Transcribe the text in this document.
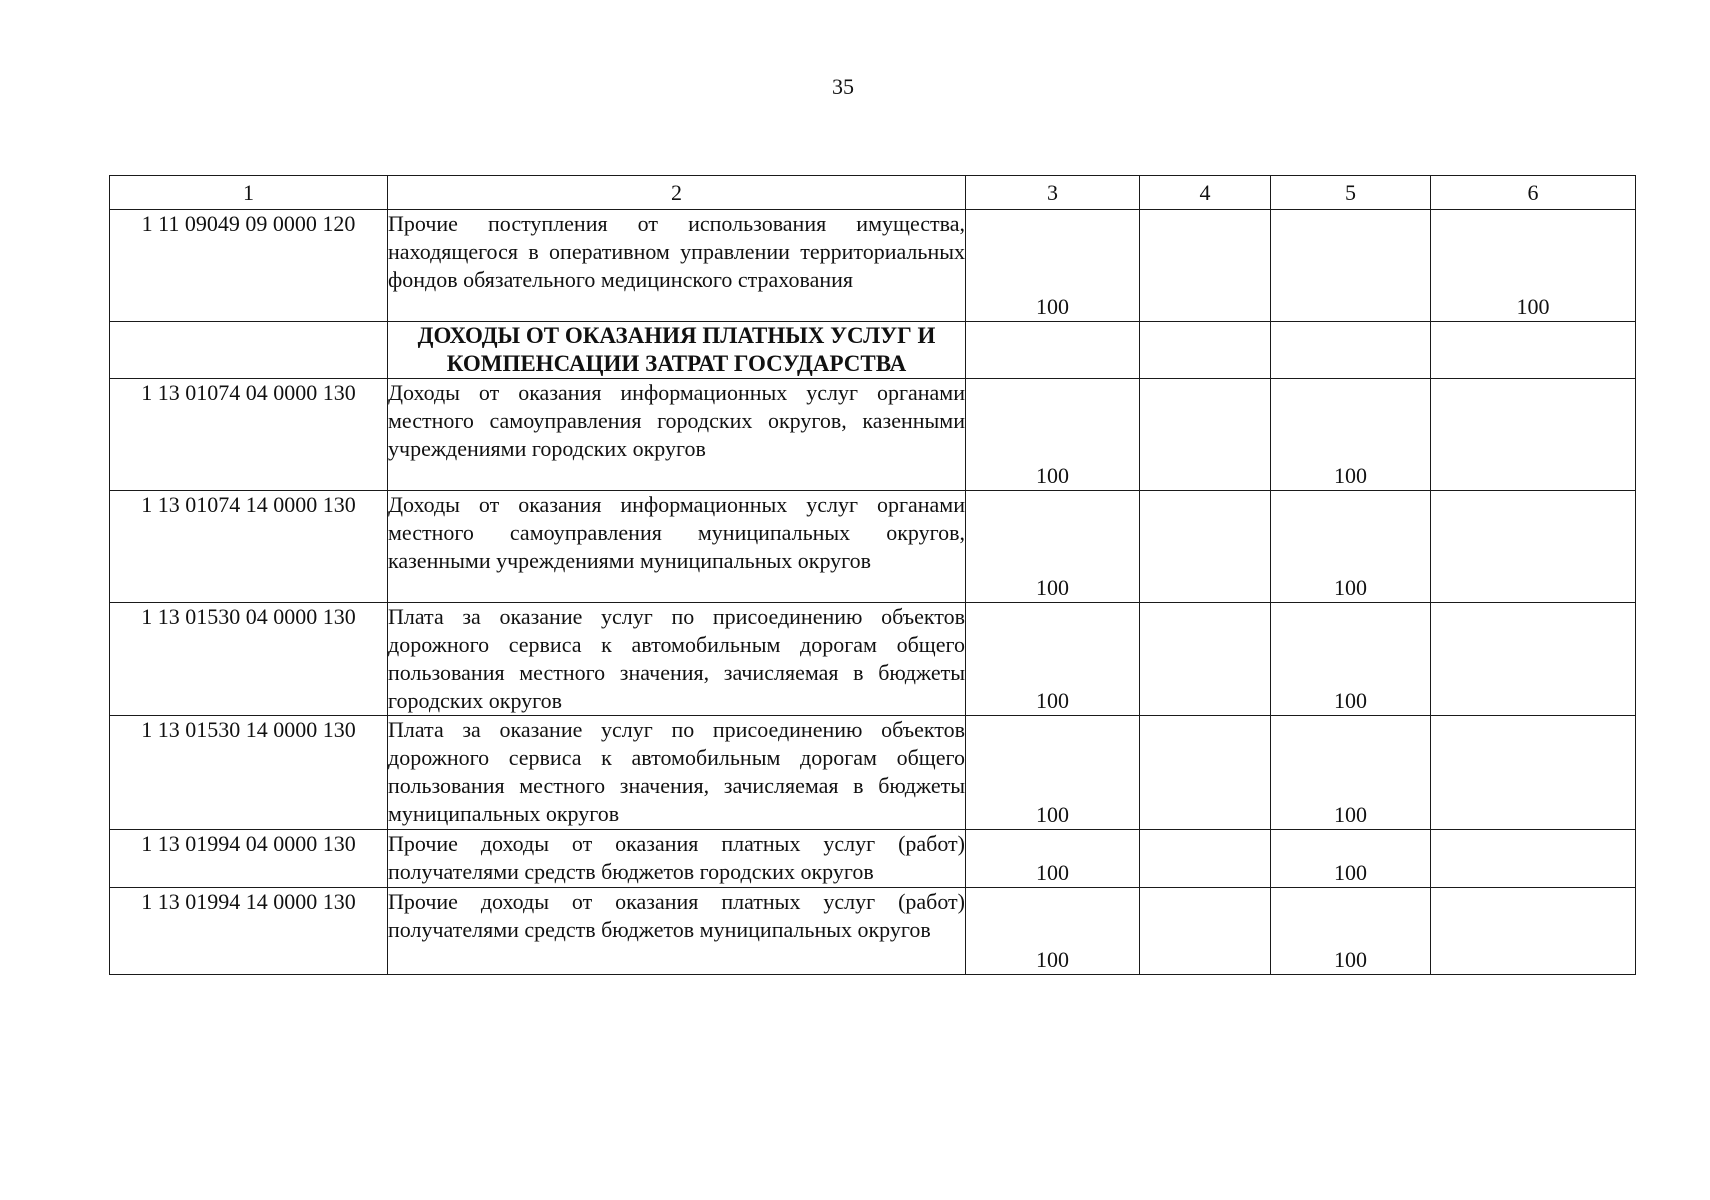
35
1	2	3	4	5	6
1 11 09049 09 0000 120	Прочие поступления от использования имущества, находящегося в оперативном управлении территориальных фондов обязательного медицинского страхования	100			100
	ДОХОДЫ ОТ ОКАЗАНИЯ ПЛАТНЫХ УСЛУГ И КОМПЕНСАЦИИ ЗАТРАТ ГОСУДАРСТВА				
1 13 01074 04 0000 130	Доходы от оказания информационных услуг органами местного самоуправления городских округов, казенными учреждениями городских округов	100		100	
1 13 01074 14 0000 130	Доходы от оказания информационных услуг органами местного самоуправления муниципальных округов, казенными учреждениями муниципальных округов	100		100	
1 13 01530 04 0000 130	Плата за оказание услуг по присоединению объектов дорожного сервиса к автомобильным дорогам общего пользования местного значения, зачисляемая в бюджеты городских округов	100		100	
1 13 01530 14 0000 130	Плата за оказание услуг по присоединению объектов дорожного сервиса к автомобильным дорогам общего пользования местного значения, зачисляемая в бюджеты муниципальных округов	100		100	
1 13 01994 04 0000 130	Прочие доходы от оказания платных услуг (работ) получателями средств бюджетов городских округов	100		100	
1 13 01994 14 0000 130	Прочие доходы от оказания платных услуг (работ) получателями средств бюджетов муниципальных округов	100		100	
